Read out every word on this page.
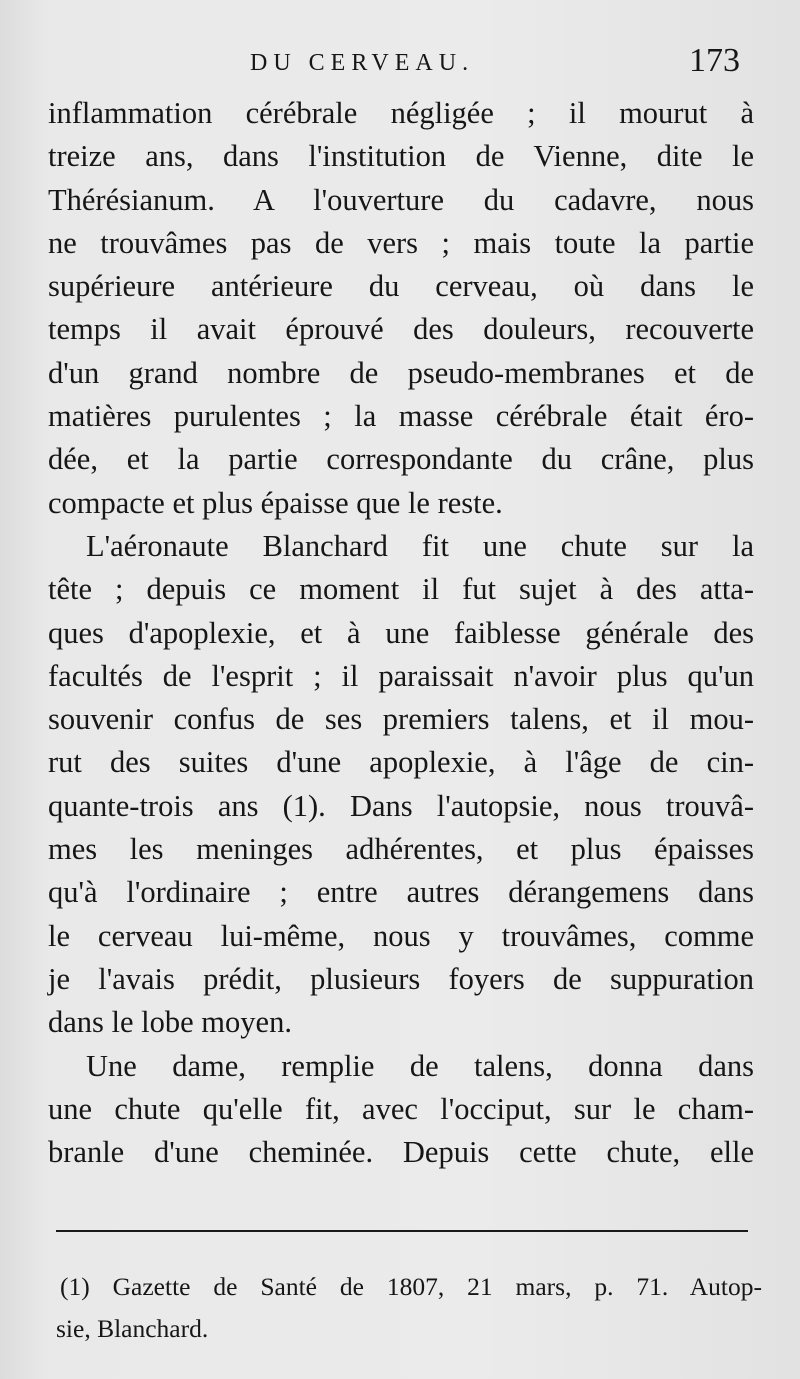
DU CERVEAU.	173
inflammation cérébrale négligée ; il mourut à
treize ans, dans l'institution de Vienne, dite le
Thérésianum. A l'ouverture du cadavre, nous
ne trouvâmes pas de vers ; mais toute la partie
supérieure antérieure du cerveau, où dans le
temps il avait éprouvé des douleurs, recouverte
d'un grand nombre de pseudo-membranes et de
matières purulentes ; la masse cérébrale était éro-
dée, et la partie correspondante du crâne, plus
compacte et plus épaisse que le reste.
L'aéronaute Blanchard fit une chute sur la
tête ; depuis ce moment il fut sujet à des atta-
ques d'apoplexie, et à une faiblesse générale des
facultés de l'esprit ; il paraissait n'avoir plus qu'un
souvenir confus de ses premiers talens, et il mou-
rut des suites d'une apoplexie, à l'âge de cin-
quante-trois ans (1). Dans l'autopsie, nous trouvâ-
mes les meninges adhérentes, et plus épaisses
qu'à l'ordinaire ; entre autres dérangemens dans
le cerveau lui-même, nous y trouvâmes, comme
je l'avais prédit, plusieurs foyers de suppuration
dans le lobe moyen.
Une dame, remplie de talens, donna dans
une chute qu'elle fit, avec l'occiput, sur le cham-
branle d'une cheminée. Depuis cette chute, elle
(1) Gazette de Santé de 1807, 21 mars, p. 71. Autop-
sie, Blanchard.
